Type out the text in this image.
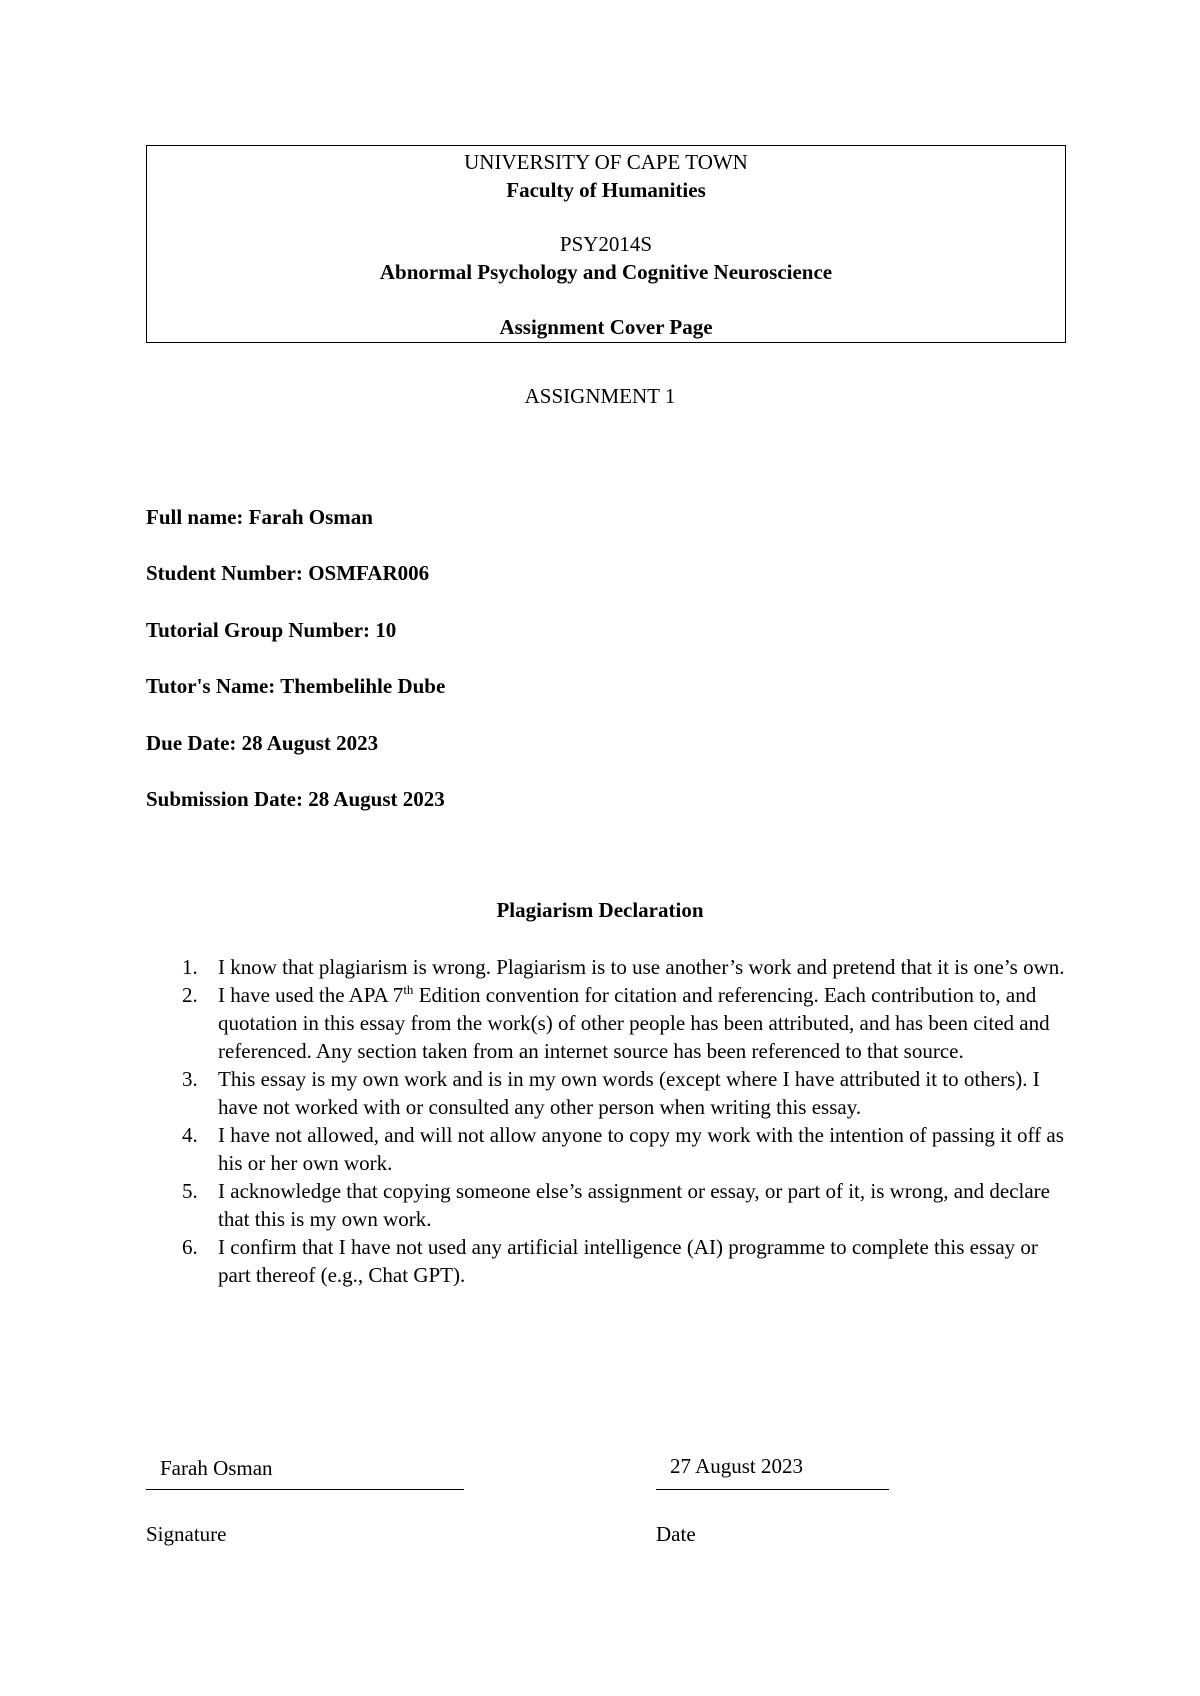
UNIVERSITY OF CAPE TOWN
Faculty of Humanities
PSY2014S
Abnormal Psychology and Cognitive Neuroscience
Assignment Cover Page
ASSIGNMENT 1
Full name: Farah Osman
Student Number: OSMFAR006
Tutorial Group Number: 10
Tutor's Name: Thembelihle Dube
Due Date: 28 August 2023
Submission Date: 28 August 2023
Plagiarism Declaration
1. I know that plagiarism is wrong. Plagiarism is to use another’s work and pretend that it is one’s own.
2. I have used the APA 7th Edition convention for citation and referencing. Each contribution to, and quotation in this essay from the work(s) of other people has been attributed, and has been cited and referenced. Any section taken from an internet source has been referenced to that source.
3. This essay is my own work and is in my own words (except where I have attributed it to others). I have not worked with or consulted any other person when writing this essay.
4. I have not allowed, and will not allow anyone to copy my work with the intention of passing it off as his or her own work.
5. I acknowledge that copying someone else’s assignment or essay, or part of it, is wrong, and declare that this is my own work.
6. I confirm that I have not used any artificial intelligence (AI) programme to complete this essay or part thereof (e.g., Chat GPT).
Farah Osman
Signature
27 August 2023
Date
